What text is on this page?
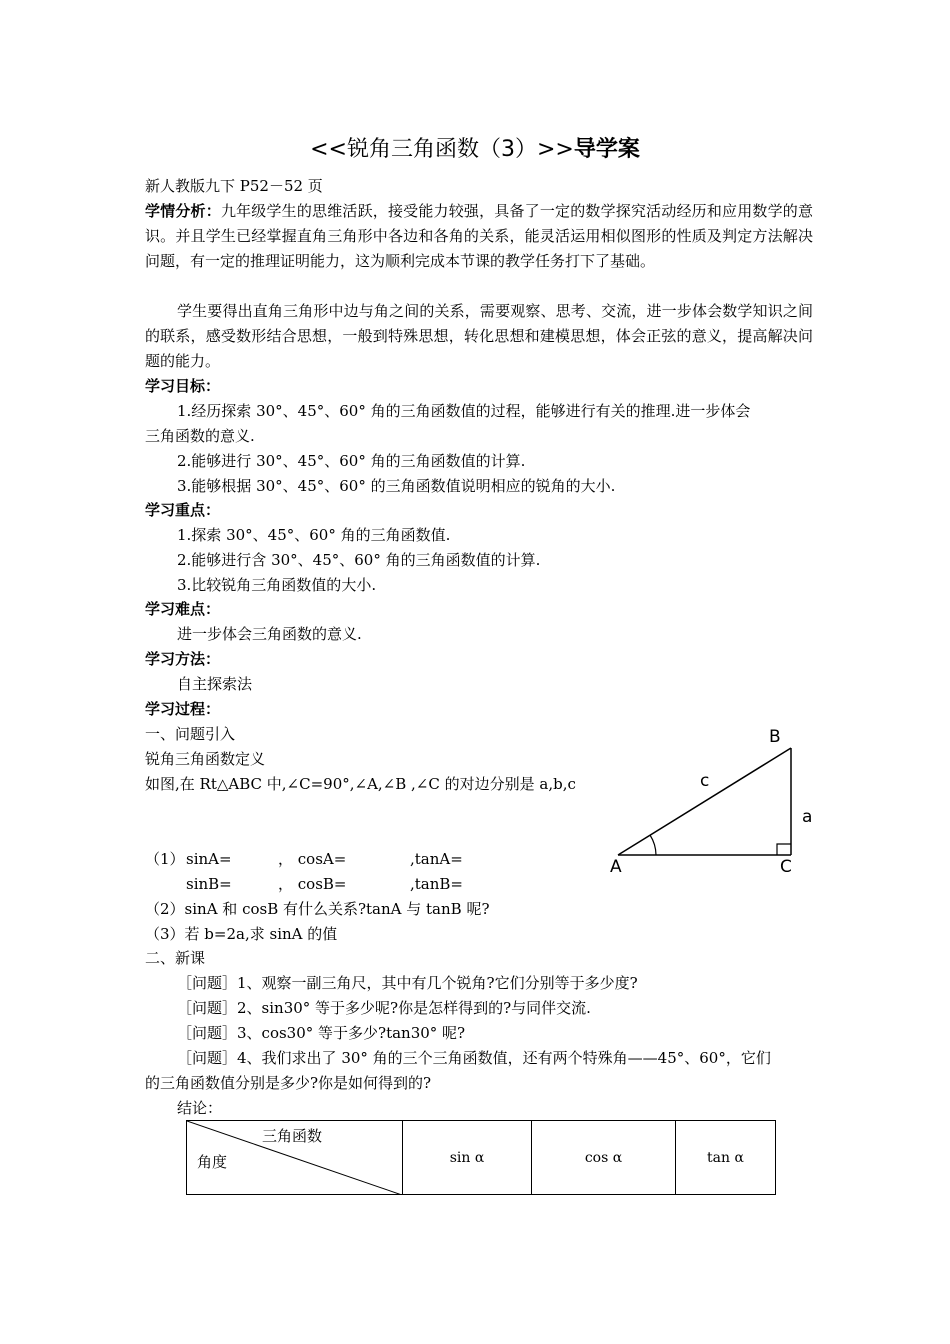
<<锐角三角函数（3）>>导学案
新人教版九下 P52－52 页
学情分析：九年级学生的思维活跃，接受能力较强，具备了一定的数学探究活动经历和应用数学的意识。并且学生已经掌握直角三角形中各边和各角的关系，能灵活运用相似图形的性质及判定方法解决问题，有一定的推理证明能力，这为顺利完成本节课的教学任务打下了基础。
学生要得出直角三角形中边与角之间的关系，需要观察、思考、交流，进一步体会数学知识之间的联系，感受数形结合思想，一般到特殊思想，转化思想和建模思想，体会正弦的意义，提高解决问题的能力。
学习目标：
1.经历探索 30°、45°、60° 角的三角函数值的过程，能够进行有关的推理.进一步体会
三角函数的意义.
2.能够进行 30°、45°、60° 角的三角函数值的计算.
3.能够根据 30°、45°、60° 的三角函数值说明相应的锐角的大小.
学习重点：
1.探索 30°、45°、60° 角的三角函数值.
2.能够进行含 30°、45°、60° 角的三角函数值的计算.
3.比较锐角三角函数值的大小.
学习难点：
进一步体会三角函数的意义.
学习方法：
自主探索法
学习过程：
一、问题引入
锐角三角函数定义
如图,在 Rt△ABC 中,∠C=90°,∠A,∠B ,∠C 的对边分别是 a,b,c
（1） sinA=	， cosA=	,tanA=
sinB=	， cosB=	,tanB=
（2）sinA 和 cosB 有什么关系?tanA 与 tanB 呢?
（3）若 b=2a,求 sinA 的值
二、新课
［问题］1、观察一副三角尺，其中有几个锐角?它们分别等于多少度?
［问题］2、sin30° 等于多少呢?你是怎样得到的?与同伴交流.
［问题］3、cos30° 等于多少?tan30° 呢?
［问题］4、我们求出了 30° 角的三个三角函数值，还有两个特殊角——45°、60°，它们
的三角函数值分别是多少?你是如何得到的?
结论：
B
A	C
c
a
三角函数
角度	sin α	cos α	tan α
